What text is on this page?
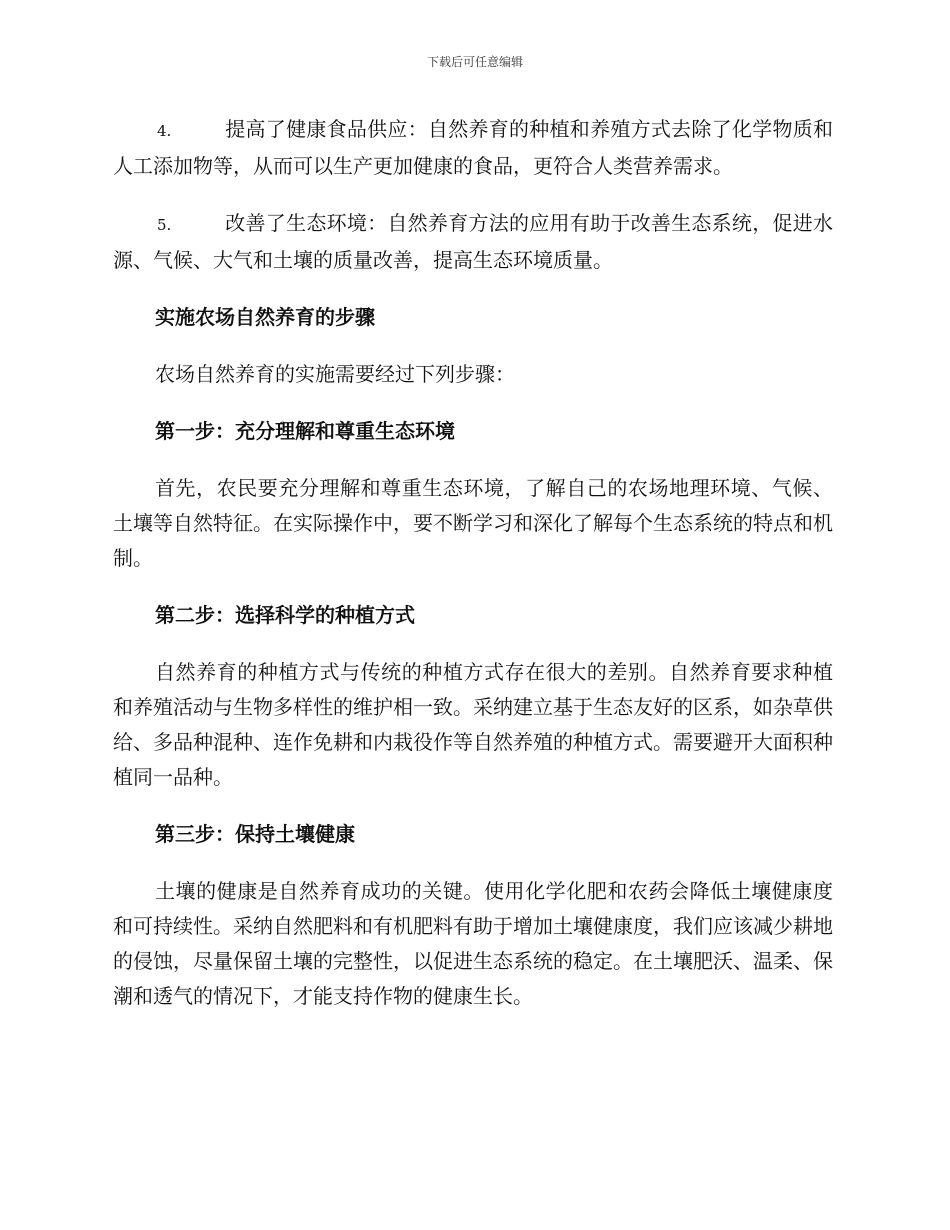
下载后可任意编辑

4.	提高了健康食品供应：自然养育的种植和养殖方式去除了化学物质和人工添加物等，从而可以生产更加健康的食品，更符合人类营养需求。

5.	改善了生态环境：自然养育方法的应用有助于改善生态系统，促进水源、气候、大气和土壤的质量改善，提高生态环境质量。

实施农场自然养育的步骤

农场自然养育的实施需要经过下列步骤：

第一步：充分理解和尊重生态环境

首先，农民要充分理解和尊重生态环境，了解自己的农场地理环境、气候、土壤等自然特征。在实际操作中，要不断学习和深化了解每个生态系统的特点和机制。

第二步：选择科学的种植方式

自然养育的种植方式与传统的种植方式存在很大的差别。自然养育要求种植和养殖活动与生物多样性的维护相一致。采纳建立基于生态友好的区系，如杂草供给、多品种混种、连作免耕和内栽役作等自然养殖的种植方式。需要避开大面积种植同一品种。

第三步：保持土壤健康

土壤的健康是自然养育成功的关键。使用化学化肥和农药会降低土壤健康度和可持续性。采纳自然肥料和有机肥料有助于增加土壤健康度，我们应该减少耕地的侵蚀，尽量保留土壤的完整性，以促进生态系统的稳定。在土壤肥沃、温柔、保潮和透气的情况下，才能支持作物的健康生长。
